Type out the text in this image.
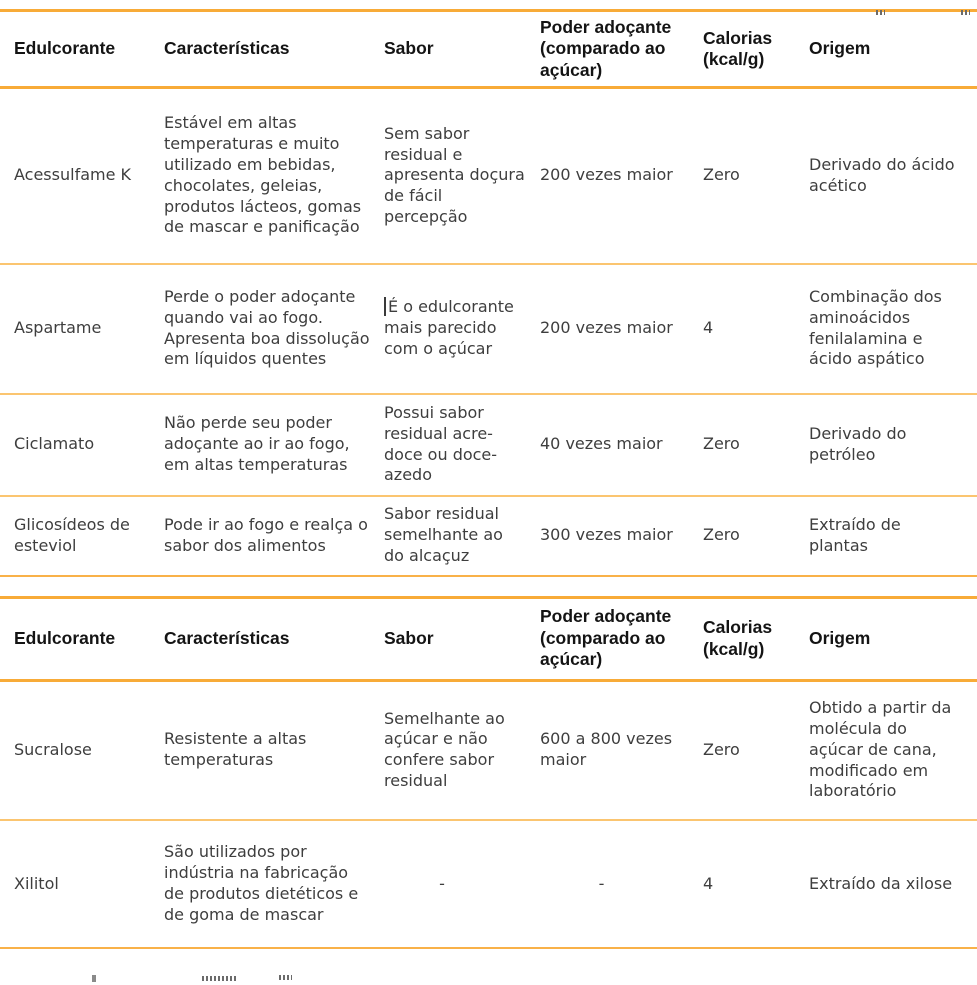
Edulcorante	Características	Sabor	Poder adoçante (comparado ao açúcar)	Calorias (kcal/g)	Origem
Acessulfame K	Estável em altas temperaturas e muito utilizado em bebidas, chocolates, geleias, produtos lácteos, gomas de mascar e panificação	Sem sabor residual e apresenta doçura de fácil percepção	200 vezes maior	Zero	Derivado do ácido acético
Aspartame	Perde o poder adoçante quando vai ao fogo. Apresenta boa dissolução em líquidos quentes	É o edulcorante mais parecido com o açúcar	200 vezes maior	4	Combinação dos aminoácidos fenilalamina e ácido aspático
Ciclamato	Não perde seu poder adoçante ao ir ao fogo, em altas temperaturas	Possui sabor residual acre-doce ou doce-azedo	40 vezes maior	Zero	Derivado do petróleo
Glicosídeos de esteviol	Pode ir ao fogo e realça o sabor dos alimentos	Sabor residual semelhante ao do alcaçuz	300 vezes maior	Zero	Extraído de plantas
Edulcorante	Características	Sabor	Poder adoçante (comparado ao açúcar)	Calorias (kcal/g)	Origem
Sucralose	Resistente a altas temperaturas	Semelhante ao açúcar e não confere sabor residual	600 a 800 vezes maior	Zero	Obtido a partir da molécula do açúcar de cana, modificado em laboratório
Xilitol	São utilizados por indústria na fabricação de produtos dietéticos e de goma de mascar	-	-	4	Extraído da xilose
